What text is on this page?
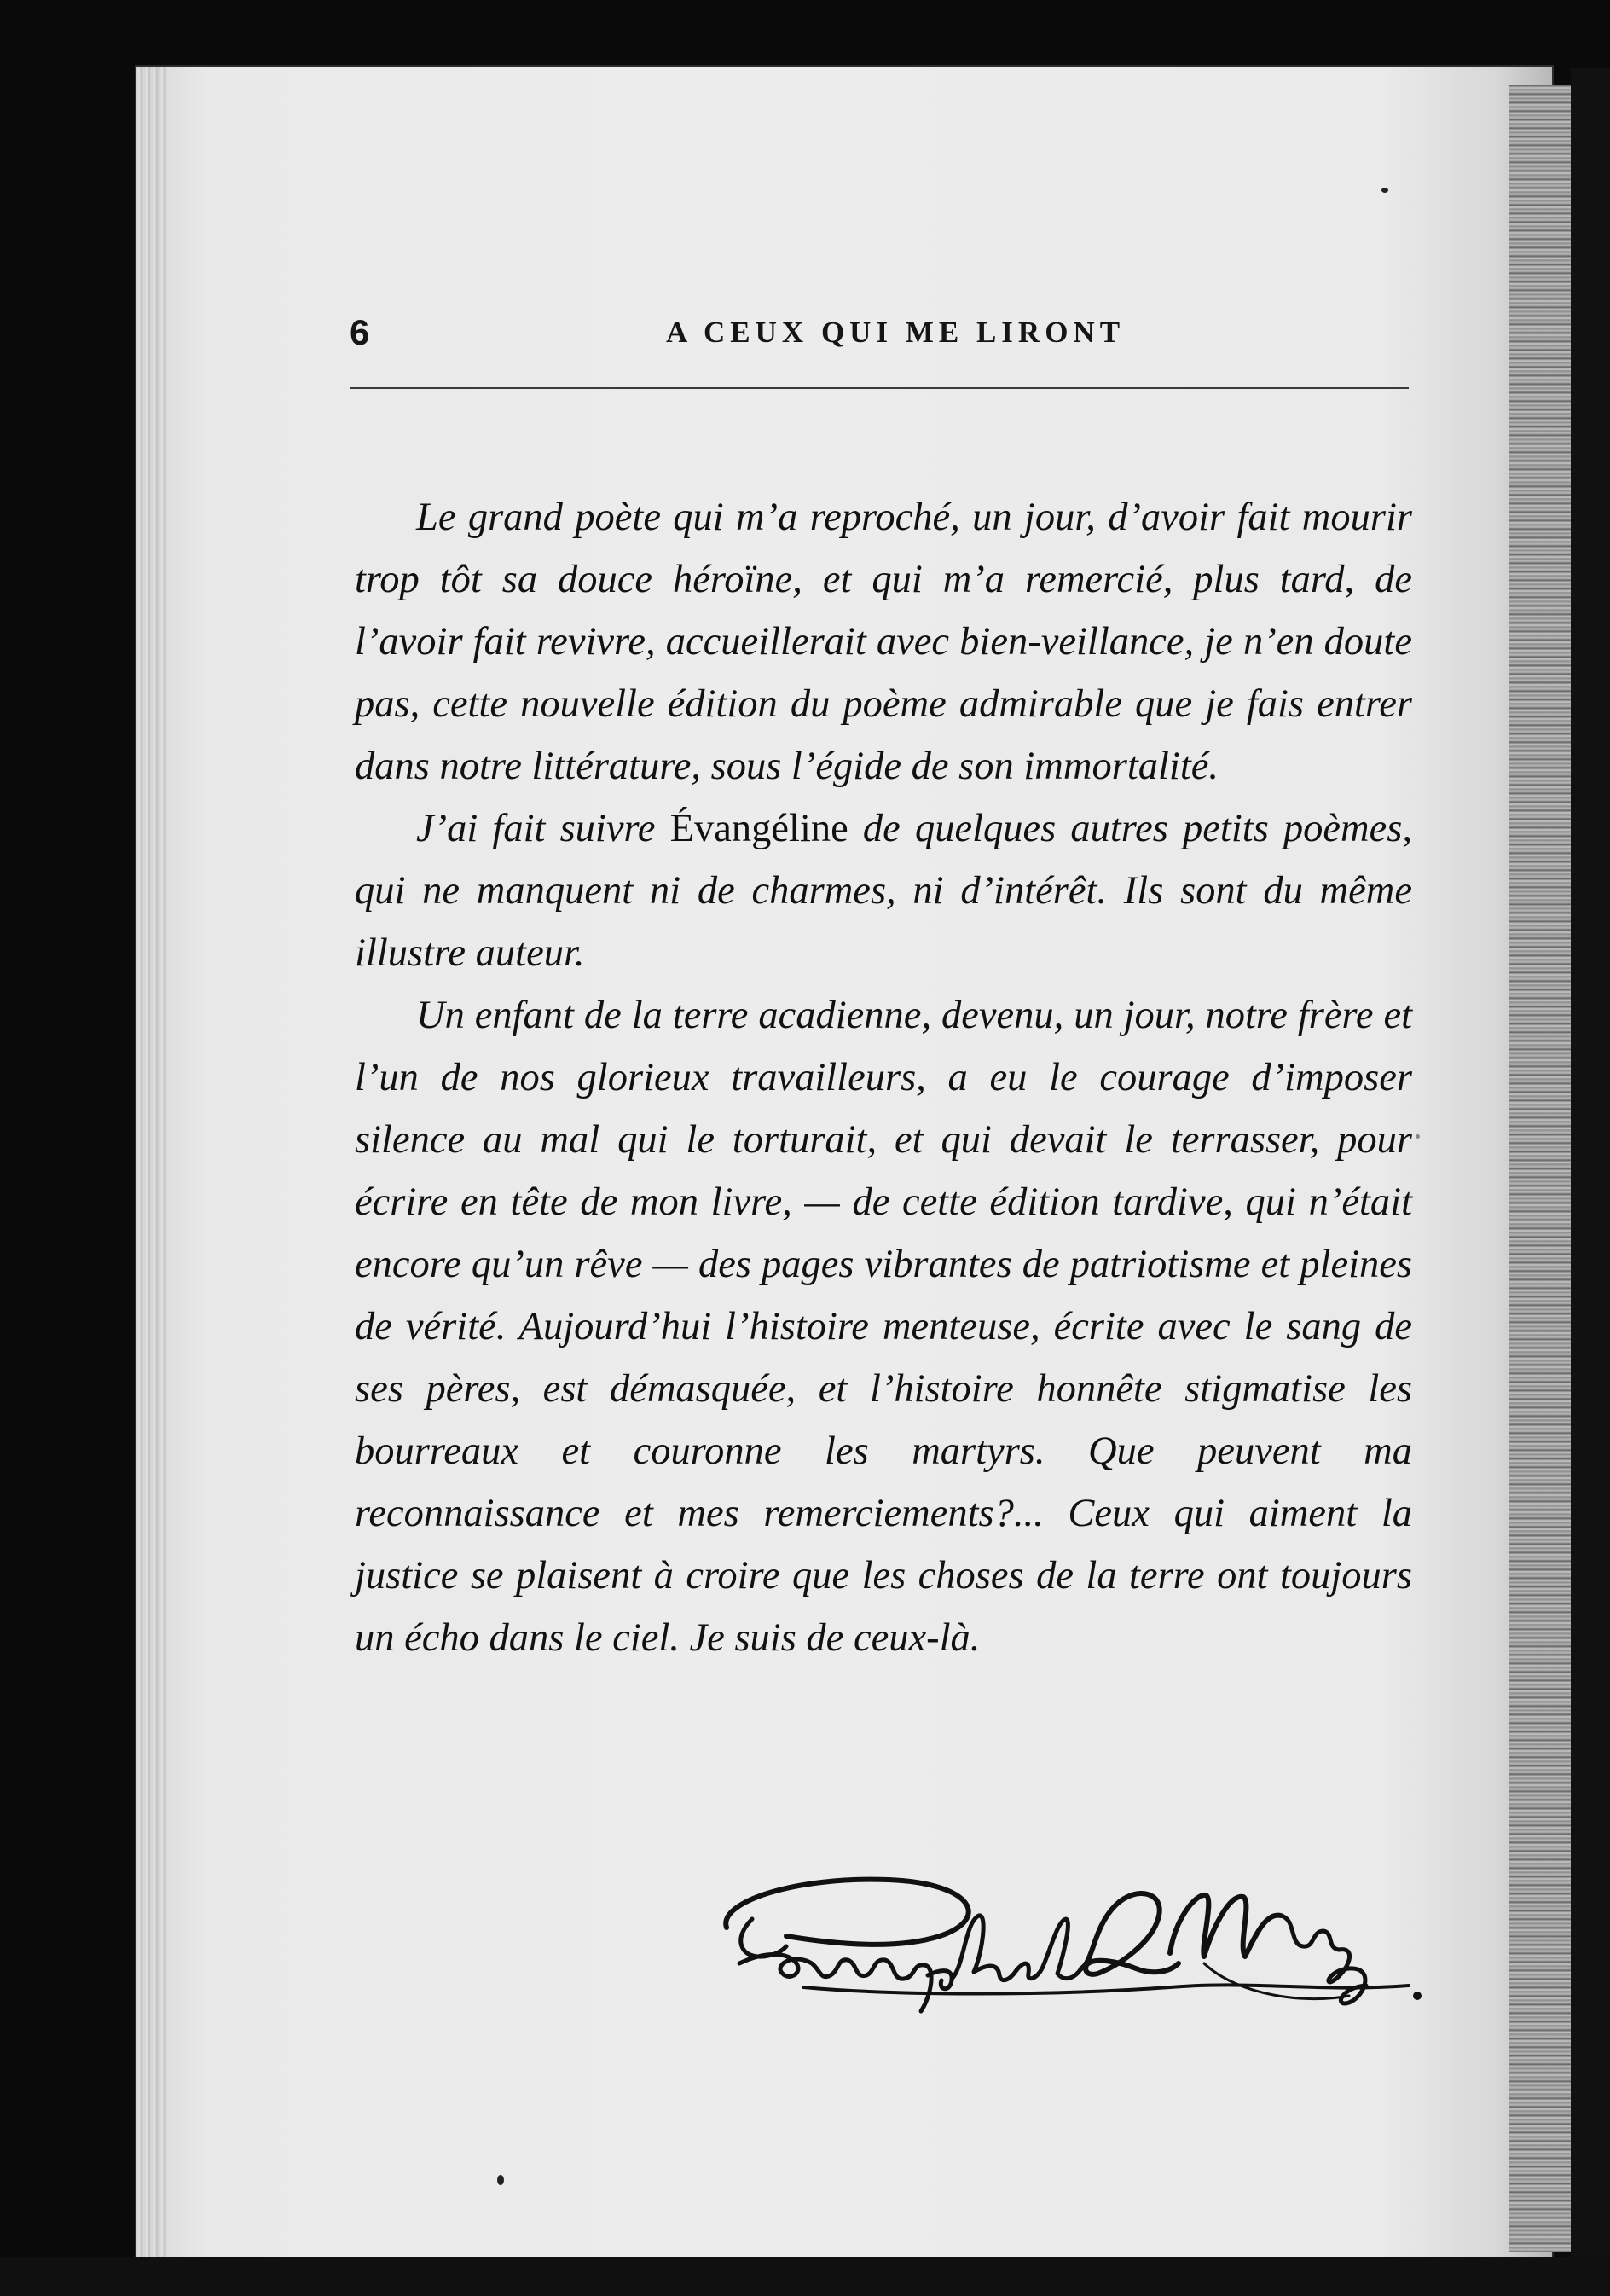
6	A CEUX QUI ME LIRONT

Le grand poète qui m’a reproché, un jour, d’avoir fait mourir trop tôt sa douce héroïne, et qui m’a remercié, plus tard, de l’avoir fait revivre, accueillerait avec bien-veillance, je n’en doute pas, cette nouvelle édition du poème admirable que je fais entrer dans notre littérature, sous l’égide de son immortalité.

J’ai fait suivre Évangéline de quelques autres petits poèmes, qui ne manquent ni de charmes, ni d’intérêt. Ils sont du même illustre auteur.

Un enfant de la terre acadienne, devenu, un jour, notre frère et l’un de nos glorieux travailleurs, a eu le courage d’imposer silence au mal qui le torturait, et qui devait le terrasser, pour écrire en tête de mon livre, — de cette édition tardive, qui n’était encore qu’un rêve — des pages vibrantes de patriotisme et pleines de vérité. Aujourd’hui l’histoire menteuse, écrite avec le sang de ses pères, est démasquée, et l’histoire honnête stigmatise les bourreaux et couronne les martyrs. Que peuvent ma reconnaissance et mes remerciements?... Ceux qui aiment la justice se plaisent à croire que les choses de la terre ont toujours un écho dans le ciel. Je suis de ceux-là.
